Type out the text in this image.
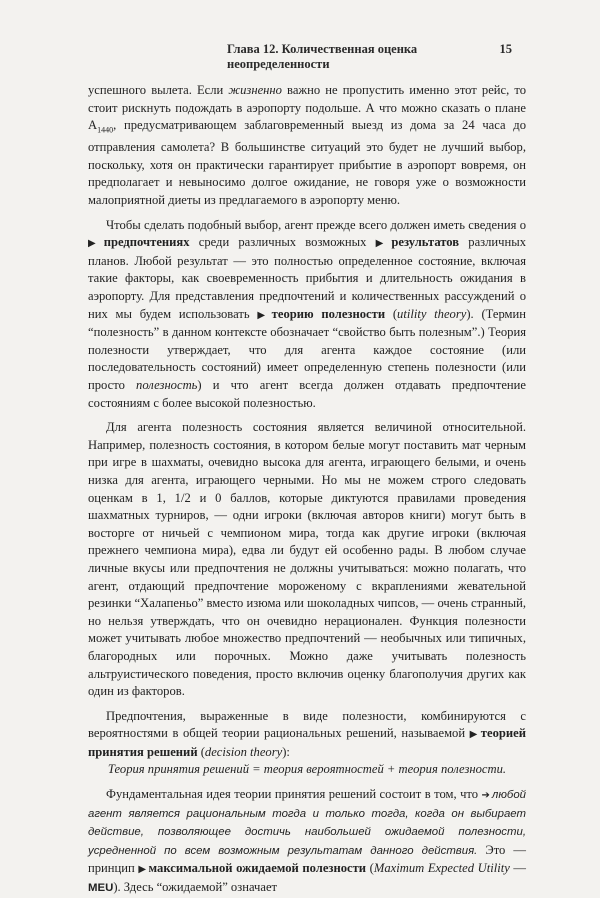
Глава 12. Количественная оценка неопределенности
15

успешного вылета. Если жизненно важно не пропустить именно этот рейс, то стоит рискнуть подождать в аэропорту подольше. А что можно сказать о плане $A_{1440}$, предусматривающем заблаговременный выезд из дома за 24 часа до отправления самолета? В большинстве ситуаций это будет не лучший выбор, поскольку, хотя он практически гарантирует прибытие в аэропорт вовремя, он предполагает и невыносимо долгое ожидание, не говоря уже о возможности малоприятной диеты из предлагаемого в аэропорту меню.

Чтобы сделать подобный выбор, агент прежде всего должен иметь сведения о ▶ предпочтениях среди различных возможных ▶ результатов различных планов. Любой результат — это полностью определенное состояние, включая такие факторы, как своевременность прибытия и длительность ожидания в аэропорту. Для представления предпочтений и количественных рассуждений о них мы будем использовать ▶ теорию полезности (utility theory). (Термин “полезность” в данном контексте обозначает “свойство быть полезным”.) Теория полезности утверждает, что для агента каждое состояние (или последовательность состояний) имеет определенную степень полезности (или просто полезность) и что агент всегда должен отдавать предпочтение состояниям с более высокой полезностью.

Для агента полезность состояния является величиной относительной. Например, полезность состояния, в котором белые могут поставить мат черным при игре в шахматы, очевидно высока для агента, играющего белыми, и очень низка для агента, играющего черными. Но мы не можем строго следовать оценкам в 1, 1/2 и 0 баллов, которые диктуются правилами проведения шахматных турниров, — одни игроки (включая авторов книги) могут быть в восторге от ничьей с чемпионом мира, тогда как другие игроки (включая прежнего чемпиона мира), едва ли будут ей особенно рады. В любом случае личные вкусы или предпочтения не должны учитываться: можно полагать, что агент, отдающий предпочтение мороженому с вкраплениями жевательной резинки “Халапеньо” вместо изюма или шоколадных чипсов, — очень странный, но нельзя утверждать, что он очевидно нерационален. Функция полезности может учитывать любое множество предпочтений — необычных или типичных, благородных или порочных. Можно даже учитывать полезность альтруистического поведения, просто включив оценку благополучия других как один из факторов.

Предпочтения, выраженные в виде полезности, комбинируются с вероятностями в общей теории рациональных решений, называемой ▶ теорией принятия решений (decision theory):

Теория принятия решений = теория вероятностей + теория полезности.

Фундаментальная идея теории принятия решений состоит в том, что ➔ любой агент является рациональным тогда и только тогда, когда он выбирает действие, позволяющее достичь наибольшей ожидаемой полезности, усредненной по всем возможным результатам данного действия. Это — принцип ▶ максимальной ожидаемой полезности (Maximum Expected Utility — MEU). Здесь “ожидаемой” означает
